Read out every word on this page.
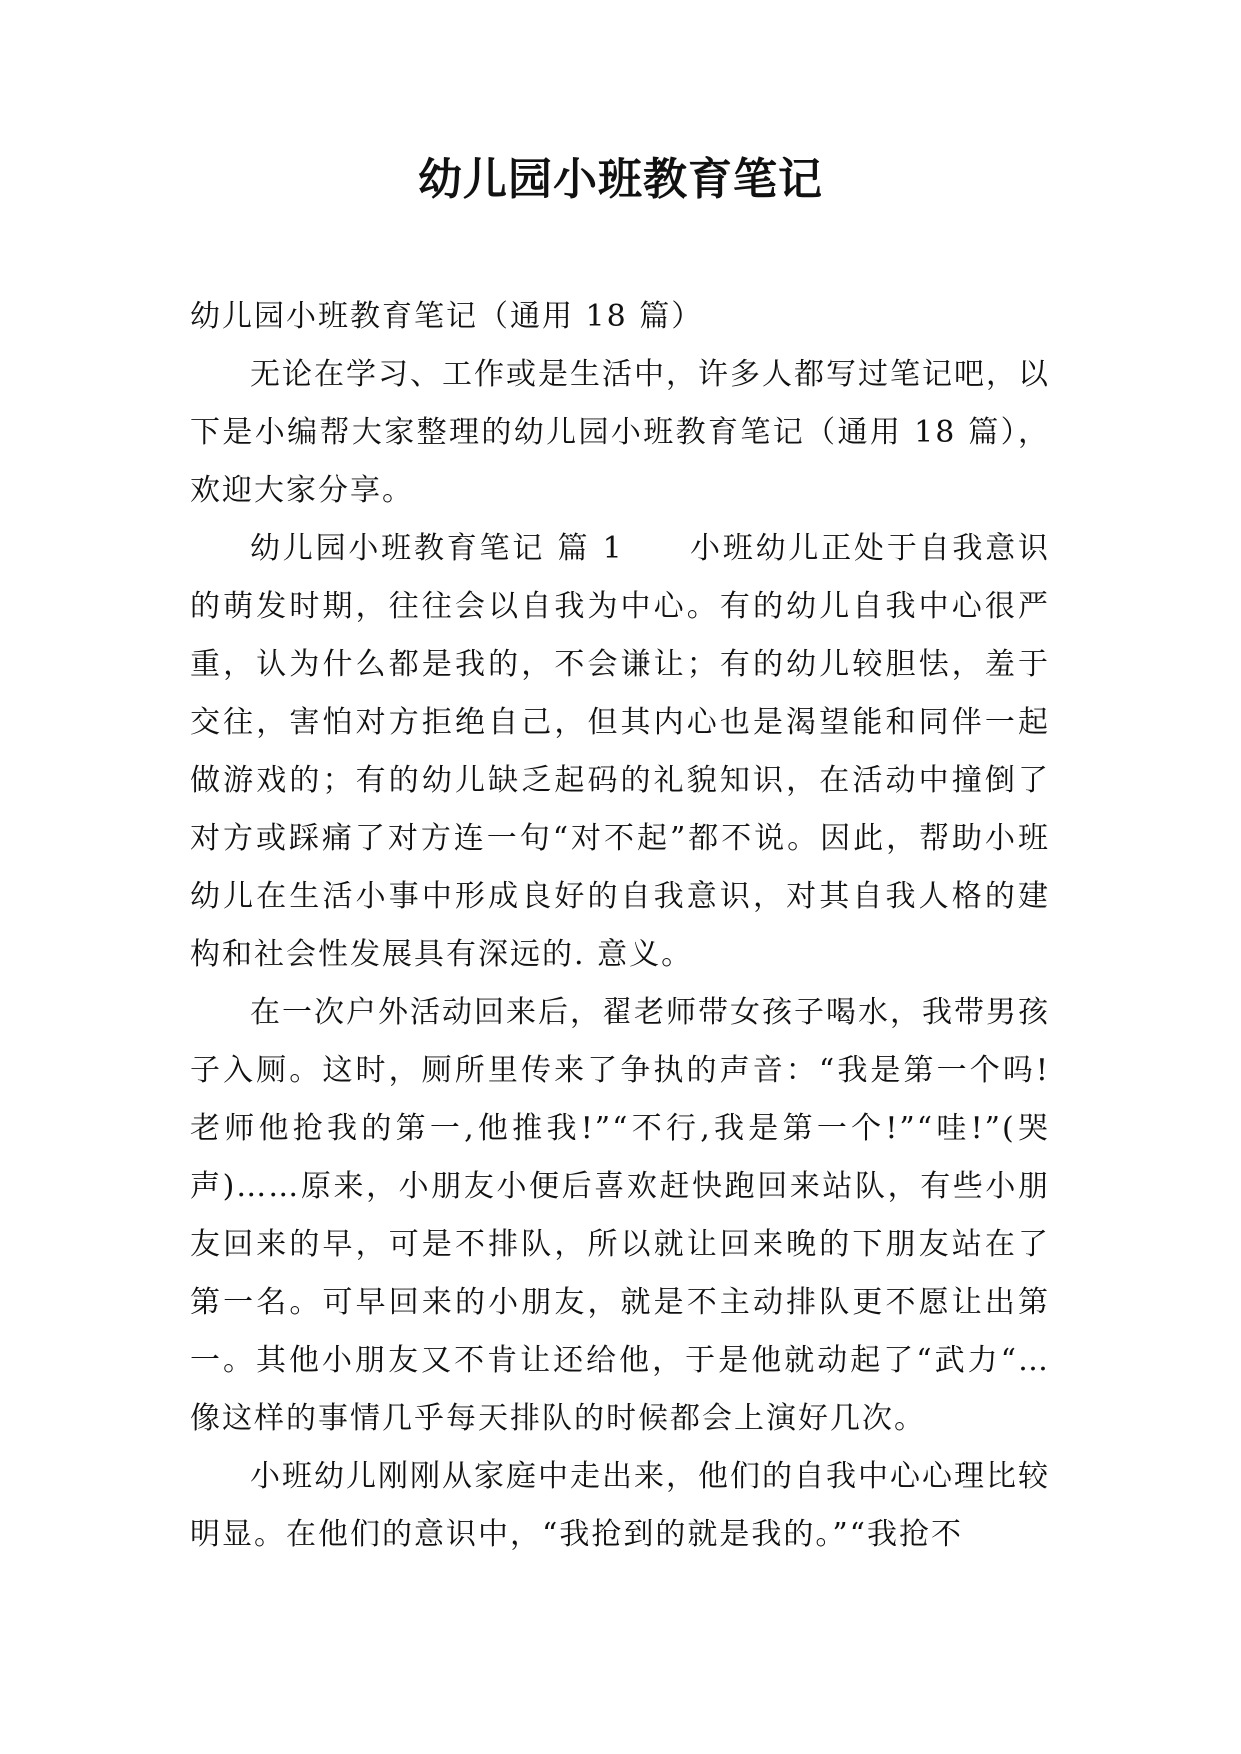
幼儿园小班教育笔记

幼儿园小班教育笔记（通用 18 篇）

无论在学习、工作或是生活中，许多人都写过笔记吧，以下是小编帮大家整理的幼儿园小班教育笔记（通用 18 篇），欢迎大家分享。

幼儿园小班教育笔记 篇 1　　小班幼儿正处于自我意识的萌发时期，往往会以自我为中心。有的幼儿自我中心很严重，认为什么都是我的，不会谦让；有的幼儿较胆怯，羞于交往，害怕对方拒绝自己，但其内心也是渴望能和同伴一起做游戏的；有的幼儿缺乏起码的礼貌知识，在活动中撞倒了对方或踩痛了对方连一句“对不起”都不说。因此，帮助小班幼儿在生活小事中形成良好的自我意识，对其自我人格的建构和社会性发展具有深远的. 意义。

在一次户外活动回来后，翟老师带女孩子喝水，我带男孩子入厕。这时，厕所里传来了争执的声音：“我是第一个吗!老师他抢我的第一,他推我!”“不行,我是第一个!”“哇!”(哭声)……原来，小朋友小便后喜欢赶快跑回来站队，有些小朋友回来的早，可是不排队，所以就让回来晚的下朋友站在了第一名。可早回来的小朋友，就是不主动排队更不愿让出第一。其他小朋友又不肯让还给他，于是他就动起了“武力“…像这样的事情几乎每天排队的时候都会上演好几次。

小班幼儿刚刚从家庭中走出来，他们的自我中心心理比较明显。在他们的意识中，“我抢到的就是我的。”“我抢不
